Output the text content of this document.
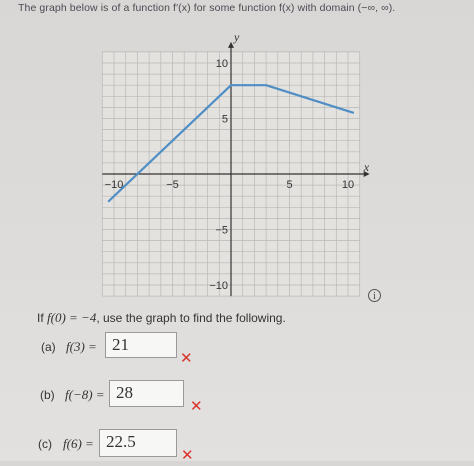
The graph below is of a function f′(x) for some function f(x) with domain (−∞, ∞).
x
y
−10	−5	5	10
10
5
−5
−10
i
If f(0) = −4, use the graph to find the following.
(a) f(3) = 21
✕
(b) f(−8) = 28
✕
(c) f(6) = 22.5
✕
